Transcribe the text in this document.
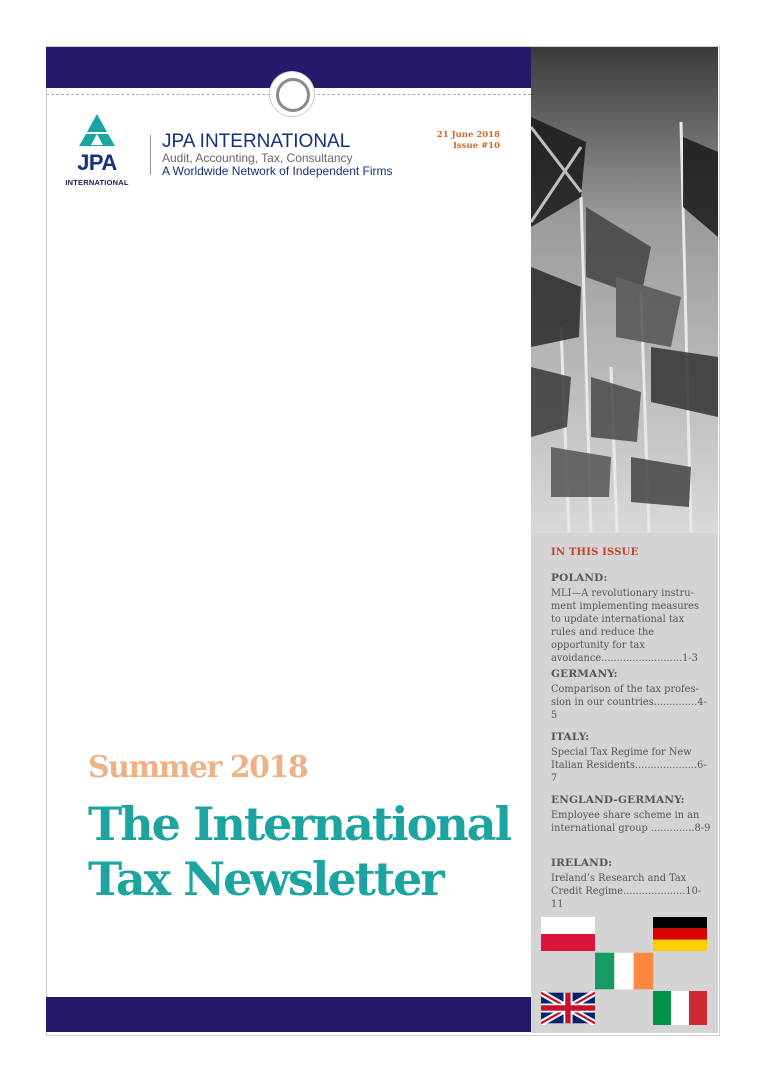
JPA
INTERNATIONAL
JPA INTERNATIONAL
Audit, Accounting, Tax, Consultancy
A Worldwide Network of Independent Firms
21 June 2018
Issue #10
IN THIS ISSUE

POLAND:

MLI—A revolutionary instru-ment implementing measures to update international tax rules and reduce the opportunity for tax avoidance..........................1-3

GERMANY:

Comparison of the tax profes-sion in our countries..............4-5

ITALY:

Special Tax Regime for New Italian Residents....................6-7

ENGLAND-GERMANY:

Employee share scheme in an international group ..............8-9

IRELAND:

Ireland’s Research and Tax Credit Regime....................10-11

Summer 2018
The International Tax Newsletter
